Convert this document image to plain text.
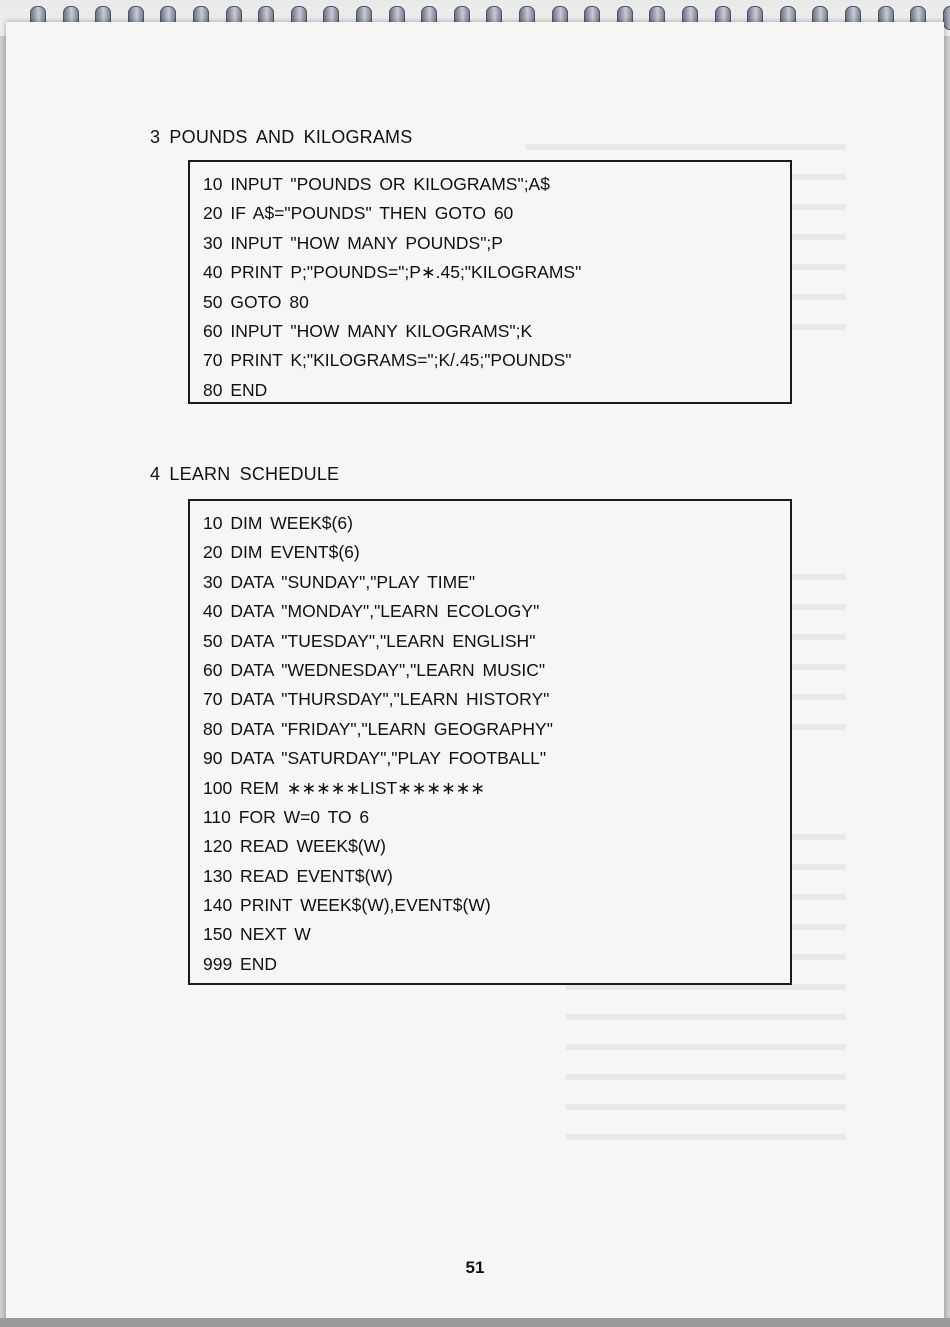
3 POUNDS AND KILOGRAMS
10 INPUT "POUNDS OR KILOGRAMS";A$
20 IF A$="POUNDS" THEN GOTO 60
30 INPUT "HOW MANY POUNDS";P
40 PRINT P;"POUNDS=";P∗.45;"KILOGRAMS"
50 GOTO 80
60 INPUT "HOW MANY KILOGRAMS";K
70 PRINT K;"KILOGRAMS=";K/.45;"POUNDS"
80 END
4 LEARN SCHEDULE
10 DIM WEEK$(6)
20 DIM EVENT$(6)
30 DATA "SUNDAY","PLAY TIME"
40 DATA "MONDAY","LEARN ECOLOGY"
50 DATA "TUESDAY","LEARN ENGLISH"
60 DATA "WEDNESDAY","LEARN MUSIC"
70 DATA "THURSDAY","LEARN HISTORY"
80 DATA "FRIDAY","LEARN GEOGRAPHY"
90 DATA "SATURDAY","PLAY FOOTBALL"
100 REM ∗∗∗∗∗LIST∗∗∗∗∗∗
110 FOR W=0 TO 6
120 READ WEEK$(W)
130 READ EVENT$(W)
140 PRINT WEEK$(W),EVENT$(W)
150 NEXT W
999 END
51
